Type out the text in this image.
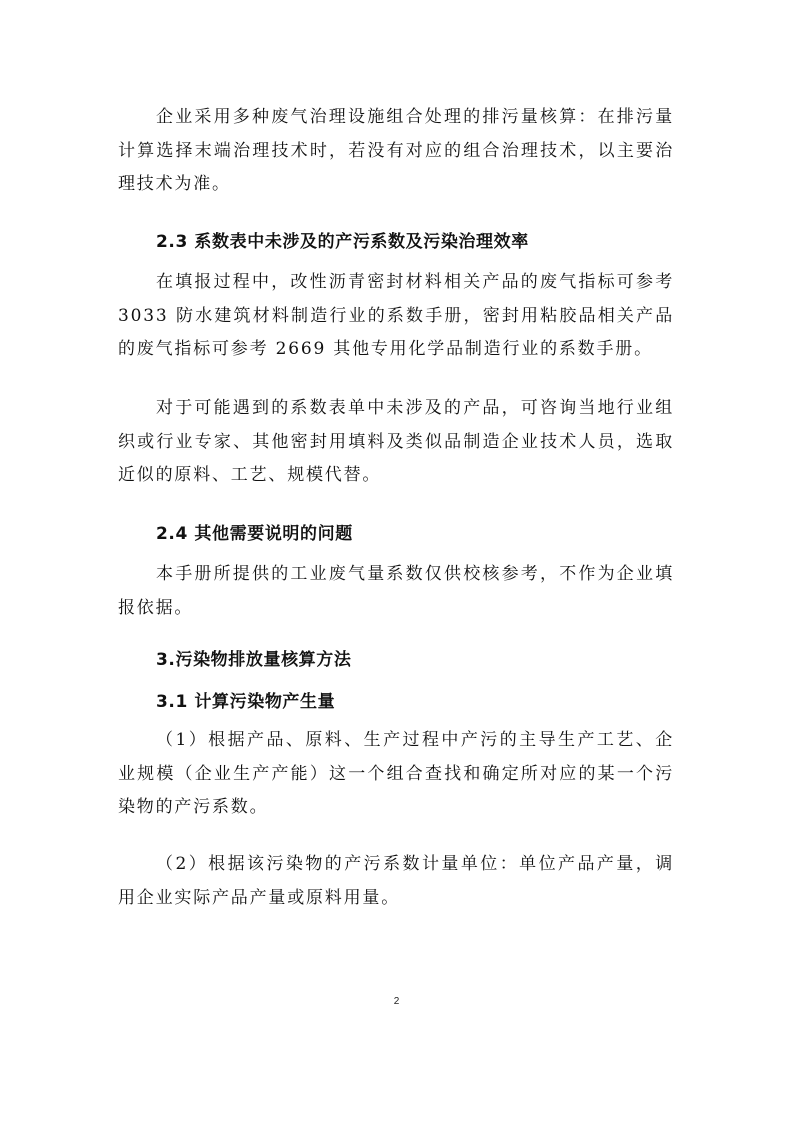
企业采用多种废气治理设施组合处理的排污量核算：在排污量计算选择末端治理技术时，若没有对应的组合治理技术，以主要治理技术为准。

2.3 系数表中未涉及的产污系数及污染治理效率

在填报过程中，改性沥青密封材料相关产品的废气指标可参考3033 防水建筑材料制造行业的系数手册，密封用粘胶品相关产品的废气指标可参考 2669 其他专用化学品制造行业的系数手册。

对于可能遇到的系数表单中未涉及的产品，可咨询当地行业组织或行业专家、其他密封用填料及类似品制造企业技术人员，选取近似的原料、工艺、规模代替。

2.4 其他需要说明的问题

本手册所提供的工业废气量系数仅供校核参考，不作为企业填报依据。

3.污染物排放量核算方法
3.1 计算污染物产生量

（1）根据产品、原料、生产过程中产污的主导生产工艺、企业规模（企业生产产能）这一个组合查找和确定所对应的某一个污染物的产污系数。

（2）根据该污染物的产污系数计量单位：单位产品产量，调用企业实际产品产量或原料用量。

2
